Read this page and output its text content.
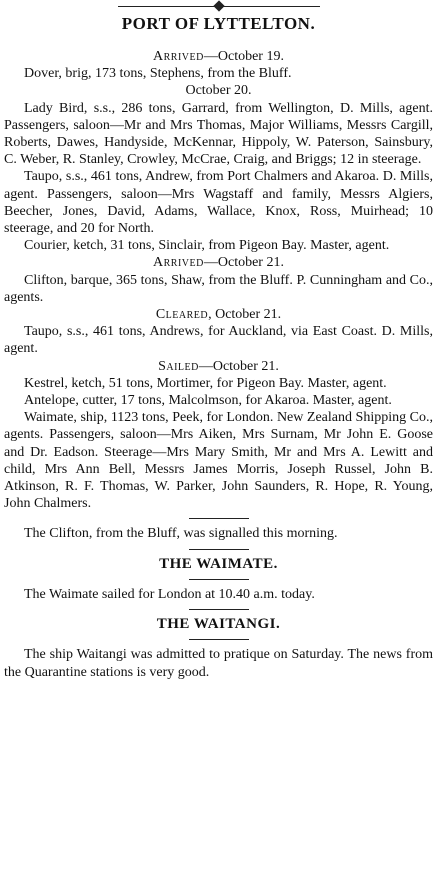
PORT OF LYTTELTON.

Arrived—October 19.

Dover, brig, 173 tons, Stephens, from the Bluff.

October 20.

Lady Bird, s.s., 286 tons, Garrard, from Wellington, D. Mills, agent. Passengers, saloon—Mr and Mrs Thomas, Major Williams, Messrs Cargill, Roberts, Dawes, Handyside, McKennar, Hippoly, W. Paterson, Sainsbury, C. Weber, R. Stanley, Crowley, McCrae, Craig, and Briggs; 12 in steerage.

Taupo, s.s., 461 tons, Andrew, from Port Chalmers and Akaroa. D. Mills, agent. Passengers, saloon—Mrs Wagstaff and family, Messrs Algiers, Beecher, Jones, David, Adams, Wallace, Knox, Ross, Muirhead; 10 steerage, and 20 for North.

Courier, ketch, 31 tons, Sinclair, from Pigeon Bay. Master, agent.

Arrived—October 21.

Clifton, barque, 365 tons, Shaw, from the Bluff. P. Cunningham and Co., agents.

Cleared, October 21.

Taupo, s.s., 461 tons, Andrews, for Auckland, via East Coast. D. Mills, agent.

Sailed—October 21.

Kestrel, ketch, 51 tons, Mortimer, for Pigeon Bay. Master, agent.

Antelope, cutter, 17 tons, Malcolmson, for Akaroa. Master, agent.

Waimate, ship, 1123 tons, Peek, for London. New Zealand Shipping Co., agents. Passengers, saloon—Mrs Aiken, Mrs Surnam, Mr John E. Goose and Dr. Eadson. Steerage—Mrs Mary Smith, Mr and Mrs A. Lewitt and child, Mrs Ann Bell, Messrs James Morris, Joseph Russel, John B. Atkinson, R. F. Thomas, W. Parker, John Saunders, R. Hope, R. Young, John Chalmers.

The Clifton, from the Bluff, was signalled this morning.

THE WAIMATE.

The Waimate sailed for London at 10.40 a.m. today.

THE WAITANGI.

The ship Waitangi was admitted to pratique on Saturday. The news from the Quarantine stations is very good.
